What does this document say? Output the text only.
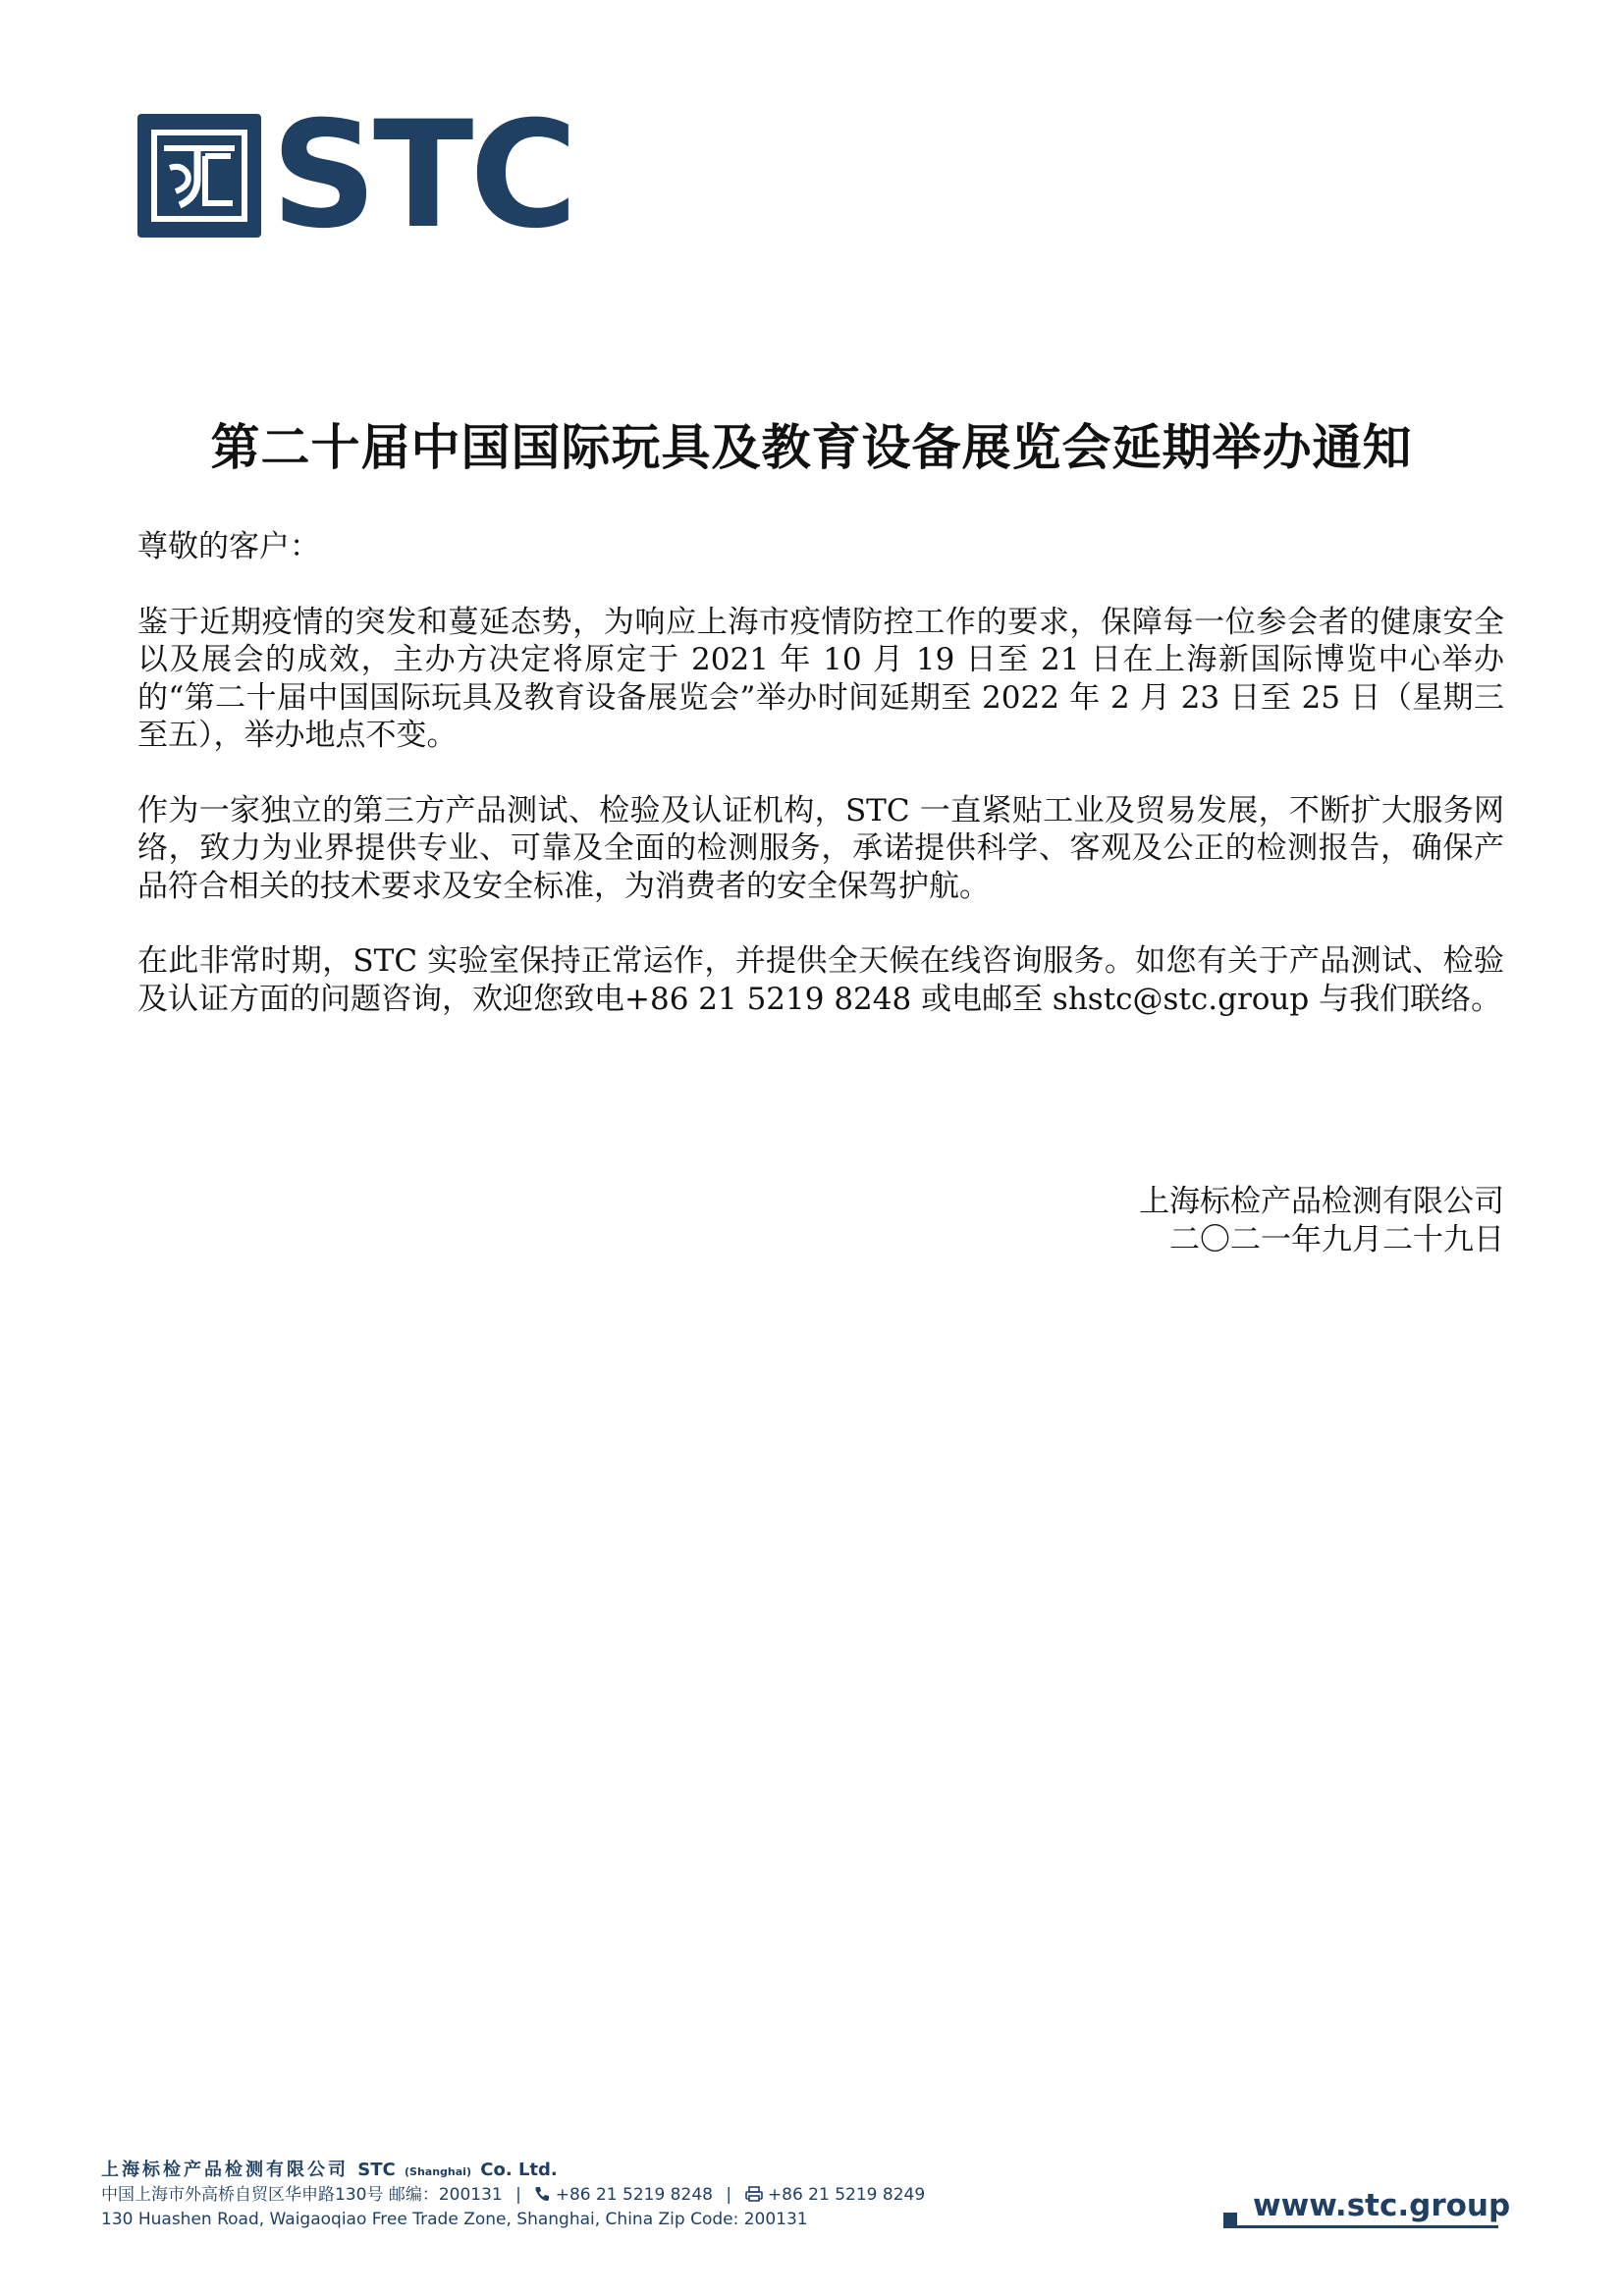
STC
第二十届中国国际玩具及教育设备展览会延期举办通知

尊敬的客户：

鉴于近期疫情的突发和蔓延态势，为响应上海市疫情防控工作的要求，保障每一位参会者的健康安全以及展会的成效，主办方决定将原定于 2021 年 10 月 19 日至 21 日在上海新国际博览中心举办的“第二十届中国国际玩具及教育设备展览会”举办时间延期至 2022 年 2 月 23 日至 25 日（星期三至五），举办地点不变。

作为一家独立的第三方产品测试、检验及认证机构，STC 一直紧贴工业及贸易发展，不断扩大服务网络，致力为业界提供专业、可靠及全面的检测服务，承诺提供科学、客观及公正的检测报告，确保产品符合相关的技术要求及安全标准，为消费者的安全保驾护航。

在此非常时期，STC 实验室保持正常运作，并提供全天候在线咨询服务。如您有关于产品测试、检验及认证方面的问题咨询，欢迎您致电+86 21 5219 8248 或电邮至 shstc@stc.group 与我们联络。

上海标检产品检测有限公司
二〇二一年九月二十九日
上海标检产品检测有限公司 STC (Shanghai) Co. Ltd.
中国上海市外高桥自贸区华申路130号 邮编：200131 | +86 21 5219 8248 | +86 21 5219 8249
130 Huashen Road, Waigaoqiao Free Trade Zone, Shanghai, China Zip Code: 200131	www.stc.group
